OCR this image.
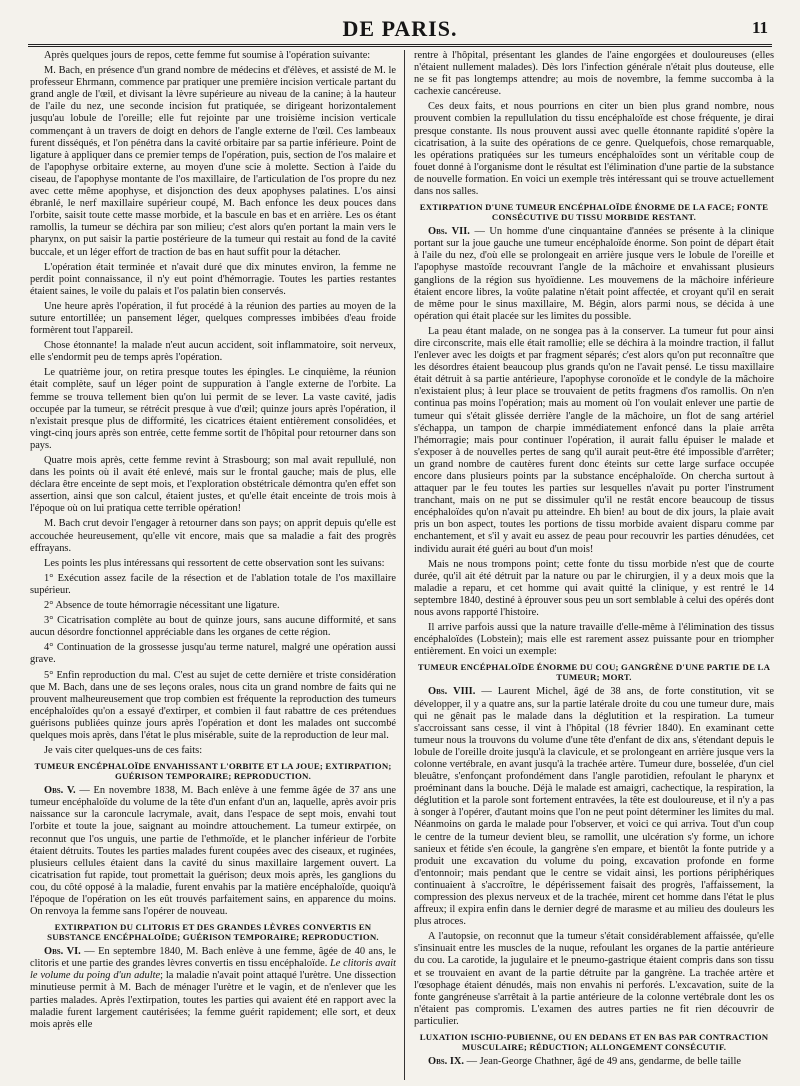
DE PARIS.	11

Après quelques jours de repos, cette femme fut soumise à l'opération suivante:

M. Bach, en présence d'un grand nombre de médecins et d'élèves, et assisté de M. le professeur Ehrmann, commence par pratiquer une première incision verticale partant du grand angle de l'œil, et divisant la lèvre supérieure au niveau de la canine; à la hauteur de l'aile du nez, une seconde incision fut pratiquée, se dirigeant horizontalement jusqu'au lobule de l'oreille; elle fut rejointe par une troisième incision verticale commençant à un travers de doigt en dehors de l'angle externe de l'œil. Ces lambeaux furent disséqués, et l'on pénétra dans la cavité orbitaire par sa partie inférieure. Point de ligature à appliquer dans ce premier temps de l'opération, puis, section de l'os malaire et de l'apophyse orbitaire externe, au moyen d'une scie à molette. Section à l'aide du ciseau, de l'apophyse montante de l'os maxillaire, de l'articulation de l'os propre du nez avec cette même apophyse, et disjonction des deux apophyses palatines. L'os ainsi ébranlé, le nerf maxillaire supérieur coupé, M. Bach enfonce les deux pouces dans l'orbite, saisit toute cette masse morbide, et la bascule en bas et en arrière. Les os étant ramollis, la tumeur se déchira par son milieu; c'est alors qu'en portant la main vers le pharynx, on put saisir la partie postérieure de la tumeur qui restait au fond de la cavité buccale, et un léger effort de traction de bas en haut suffit pour la détacher.

L'opération était terminée et n'avait duré que dix minutes environ, la femme ne perdit point connaissance, il n'y eut point d'hémorragie. Toutes les parties restantes étaient saines, le voile du palais et l'os palatin bien conservés.

Une heure après l'opération, il fut procédé à la réunion des parties au moyen de la suture entortillée; un pansement léger, quelques compresses imbibées d'eau froide formèrent tout l'appareil.

Chose étonnante! la malade n'eut aucun accident, soit inflammatoire, soit nerveux, elle s'endormit peu de temps après l'opération.

Le quatrième jour, on retira presque toutes les épingles. Le cinquième, la réunion était complète, sauf un léger point de suppuration à l'angle externe de l'orbite. La femme se trouva tellement bien qu'on lui permit de se lever. La vaste cavité, jadis occupée par la tumeur, se rétrécit presque à vue d'œil; quinze jours après l'opération, il n'existait presque plus de difformité, les cicatrices étaient entièrement consolidées, et vingt-cinq jours après son entrée, cette femme sortit de l'hôpital pour retourner dans son pays.

Quatre mois après, cette femme revint à Strasbourg; son mal avait repullulé, non dans les points où il avait été enlevé, mais sur le frontal gauche; mais de plus, elle déclara être enceinte de sept mois, et l'exploration obstétricale démontra qu'en effet son assertion, ainsi que son calcul, étaient justes, et qu'elle était enceinte de trois mois à l'époque où on lui pratiqua cette terrible opération!

M. Bach crut devoir l'engager à retourner dans son pays; on apprit depuis qu'elle est accouchée heureusement, qu'elle vit encore, mais que sa maladie a fait des progrès effrayans.

Les points les plus intéressans qui ressortent de cette observation sont les suivans:

1° Exécution assez facile de la résection et de l'ablation totale de l'os maxillaire supérieur.

2° Absence de toute hémorragie nécessitant une ligature.

3° Cicatrisation complète au bout de quinze jours, sans aucune difformité, et sans aucun désordre fonctionnel appréciable dans les organes de cette région.

4° Continuation de la grossesse jusqu'au terme naturel, malgré une opération aussi grave.

5° Enfin reproduction du mal. C'est au sujet de cette dernière et triste considération que M. Bach, dans une de ses leçons orales, nous cita un grand nombre de faits qui ne prouvent malheureusement que trop combien est fréquente la reproduction des tumeurs encéphaloïdes qu'on a essayé d'extirper, et combien il faut rabattre de ces prétendues guérisons publiées quinze jours après l'opération et dont les malades ont succombé quelques mois après, dans l'état le plus misérable, suite de la reproduction de leur mal.

Je vais citer quelques-uns de ces faits:

TUMEUR ENCÉPHALOÏDE ENVAHISSANT L'ORBITE ET LA JOUE; EXTIRPATION; GUÉRISON TEMPORAIRE; REPRODUCTION.

Obs. V. — En novembre 1838, M. Bach enlève à une femme âgée de 37 ans une tumeur encéphaloïde du volume de la tête d'un enfant d'un an, laquelle, après avoir pris naissance sur la caroncule lacrymale, avait, dans l'espace de sept mois, envahi tout l'orbite et toute la joue, saignant au moindre attouchement. La tumeur extirpée, on reconnut que l'os unguis, une partie de l'ethmoïde, et le plancher inférieur de l'orbite étaient détruits. Toutes les parties malades furent coupées avec des ciseaux, et ruginées, plusieurs cellules étaient dans la cavité du sinus maxillaire largement ouvert. La cicatrisation fut rapide, tout promettait la guérison; deux mois après, les ganglions du cou, du côté opposé à la maladie, furent envahis par la matière encéphaloïde, quoiqu'à l'époque de l'opération on les eût trouvés parfaitement sains, en apparence du moins. On renvoya la femme sans l'opérer de nouveau.

EXTIRPATION DU CLITORIS ET DES GRANDES LÈVRES CONVERTIS EN SUBSTANCE ENCÉPHALOÏDE; GUÉRISON TEMPORAIRE; REPRODUCTION.

Obs. VI. — En septembre 1840, M. Bach enlève à une femme, âgée de 40 ans, le clitoris et une partie des grandes lèvres convertis en tissu encéphaloïde. Le clitoris avait le volume du poing d'un adulte; la maladie n'avait point attaqué l'urètre. Une dissection minutieuse permit à M. Bach de ménager l'urètre et le vagin, et de n'enlever que les parties malades. Après l'extirpation, toutes les parties qui avaient été en rapport avec la maladie furent largement cautérisées; la femme guérit rapidement; elle sort, et deux mois après elle

rentre à l'hôpital, présentant les glandes de l'aine engorgées et douloureuses (elles n'étaient nullement malades). Dès lors l'infection générale n'était plus douteuse, elle ne se fit pas longtemps attendre; au mois de novembre, la femme succomba à la cachexie cancéreuse.

Ces deux faits, et nous pourrions en citer un bien plus grand nombre, nous prouvent combien la repullulation du tissu encéphaloïde est chose fréquente, je dirai presque constante. Ils nous prouvent aussi avec quelle étonnante rapidité s'opère la cicatrisation, à la suite des opérations de ce genre. Quelquefois, chose remarquable, les opérations pratiquées sur les tumeurs encéphaloïdes sont un véritable coup de fouet donné à l'organisme dont le résultat est l'élimination d'une partie de la substance de nouvelle formation. En voici un exemple très intéressant qui se trouve actuellement dans nos salles.

EXTIRPATION D'UNE TUMEUR ENCÉPHALOÏDE ÉNORME DE LA FACE; FONTE CONSÉCUTIVE DU TISSU MORBIDE RESTANT.

Obs. VII. — Un homme d'une cinquantaine d'années se présente à la clinique portant sur la joue gauche une tumeur encéphaloïde énorme. Son point de départ était à l'aile du nez, d'où elle se prolongeait en arrière jusque vers le lobule de l'oreille et l'apophyse mastoïde recouvrant l'angle de la mâchoire et envahissant plusieurs ganglions de la région sus hyoïdienne. Les mouvemens de la mâchoire inférieure étaient encore libres, la voûte palatine n'était point affectée, et croyant qu'il en serait de même pour le sinus maxillaire, M. Bégin, alors parmi nous, se décida à une opération qui était placée sur les limites du possible.

La peau étant malade, on ne songea pas à la conserver. La tumeur fut pour ainsi dire circonscrite, mais elle était ramollie; elle se déchira à la moindre traction, il fallut l'enlever avec les doigts et par fragment séparés; c'est alors qu'on put reconnaître que les désordres étaient beaucoup plus grands qu'on ne l'avait pensé. Le tissu maxillaire était détruit à sa partie antérieure, l'apophyse coronoïde et le condyle de la mâchoire n'existaient plus; à leur place se trouvaient de petits fragmens d'os ramollis. On n'en continua pas moins l'opération; mais au moment où l'on voulait enlever une partie de tumeur qui s'était glissée derrière l'angle de la mâchoire, un flot de sang artériel s'échappa, un tampon de charpie immédiatement enfoncé dans la plaie arrêta l'hémorragie; mais pour continuer l'opération, il aurait fallu épuiser le malade et s'exposer à de nouvelles pertes de sang qu'il aurait peut-être été impossible d'arrêter; un grand nombre de cautères furent donc éteints sur cette large surface occupée encore dans plusieurs points par la substance encéphaloïde. On chercha surtout à attaquer par le feu toutes les parties sur lesquelles n'avait pu porter l'instrument tranchant, mais on ne put se dissimuler qu'il ne restât encore beaucoup de tissus encéphaloïdes qu'on n'avait pu atteindre. Eh bien! au bout de dix jours, la plaie avait pris un bon aspect, toutes les portions de tissu morbide avaient disparu comme par enchantement, et s'il y avait eu assez de peau pour recouvrir les parties dénudées, cet individu aurait été guéri au bout d'un mois!

Mais ne nous trompons point; cette fonte du tissu morbide n'est que de courte durée, qu'il ait été détruit par la nature ou par le chirurgien, il y a deux mois que la maladie a reparu, et cet homme qui avait quitté la clinique, y est rentré le 14 septembre 1840, destiné à éprouver sous peu un sort semblable à celui des opérés dont nous avons rapporté l'histoire.

Il arrive parfois aussi que la nature travaille d'elle-même à l'élimination des tissus encéphaloïdes (Lobstein); mais elle est rarement assez puissante pour en triompher entièrement. En voici un exemple:

TUMEUR ENCÉPHALOÏDE ÉNORME DU COU; GANGRÈNE D'UNE PARTIE DE LA TUMEUR; MORT.

Obs. VIII. — Laurent Michel, âgé de 38 ans, de forte constitution, vit se développer, il y a quatre ans, sur la partie latérale droite du cou une tumeur dure, mais qui ne gênait pas le malade dans la déglutition et la respiration. La tumeur s'accroissant sans cesse, il vint à l'hôpital (18 février 1840). En examinant cette tumeur nous la trouvons du volume d'une tête d'enfant de dix ans, s'étendant depuis le lobule de l'oreille droite jusqu'à la clavicule, et se prolongeant en arrière jusque vers la colonne vertébrale, en avant jusqu'à la trachée artère. Tumeur dure, bosselée, d'un ciel bleuâtre, s'enfonçant profondément dans l'angle parotidien, refoulant le pharynx et proéminant dans la bouche. Déjà le malade est amaigri, cachectique, la respiration, la déglutition et la parole sont fortement entravées, la tête est douloureuse, et il n'y a pas à songer à l'opérer, d'autant moins que l'on ne peut point déterminer les limites du mal. Néanmoins on garda le malade pour l'observer, et voici ce qui arriva. Tout d'un coup le centre de la tumeur devient bleu, se ramollit, une ulcération s'y forme, un ichore sanieux et fétide s'en écoule, la gangrène s'en empare, et bientôt la fonte putride y a produit une excavation du volume du poing, excavation profonde en forme d'entonnoir; mais pendant que le centre se vidait ainsi, les portions périphériques continuaient à s'accroître, le dépérissement faisait des progrès, l'affaissement, la compression des plexus nerveux et de la trachée, mirent cet homme dans l'état le plus affreux; il expira enfin dans le dernier degré de marasme et au milieu des douleurs les plus atroces.

A l'autopsie, on reconnut que la tumeur s'était considérablement affaissée, qu'elle s'insinuait entre les muscles de la nuque, refoulant les organes de la partie antérieure du cou. La carotide, la jugulaire et le pneumo-gastrique étaient compris dans son tissu et se trouvaient en avant de la partie détruite par la gangrène. La trachée artère et l'œsophage étaient dénudés, mais non envahis ni perforés. L'excavation, suite de la fonte gangréneuse s'arrêtait à la partie antérieure de la colonne vertébrale dont les os n'étaient pas compromis. L'examen des autres parties ne fit rien découvrir de particulier.

LUXATION ISCHIO-PUBIENNE, OU EN DEDANS ET EN BAS PAR CONTRACTION MUSCULAIRE; RÉDUCTION; ALLONGEMENT CONSÉCUTIF.

Obs. IX. — Jean-George Chathner, âgé de 49 ans, gendarme, de belle taille
